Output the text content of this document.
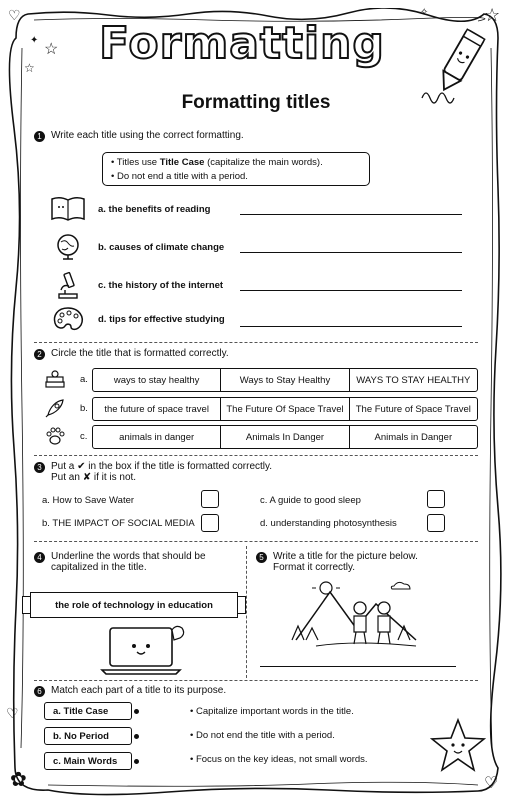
♡	☆
☆
☆
✦
✧
♡
♡
✿
Formatting
Formatting titles
1 Write each title using the correct formatting.
• Titles use Title Case (capitalize the main words).
• Do not end a title with a period.
a. the benefits of reading
b. causes of climate change
c. the history of the internet
d. tips for effective studying
2 Circle the title that is formatted correctly.
a.	ways to stay healthy	Ways to Stay Healthy	WAYS TO STAY HEALTHY
b.	the future of space travel	The Future Of Space Travel	The Future of Space Travel
c.	animals in danger	Animals In Danger	Animals in Danger
3 Put a ✔ in the box if the title is formatted correctly.
Put an ✘ if it is not.
a. How to Save Water	c. A guide to good sleep
b. THE IMPACT OF SOCIAL MEDIA	d. understanding photosynthesis
4 Underline the words that should be
capitalized in the title.
the role of technology in education
5 Write a title for the picture below.
Format it correctly.
6 Match each part of a title to its purpose.
a. Title Case
b. No Period
c. Main Words
• Capitalize important words in the title.
• Do not end the title with a period.
• Focus on the key ideas, not small words.
